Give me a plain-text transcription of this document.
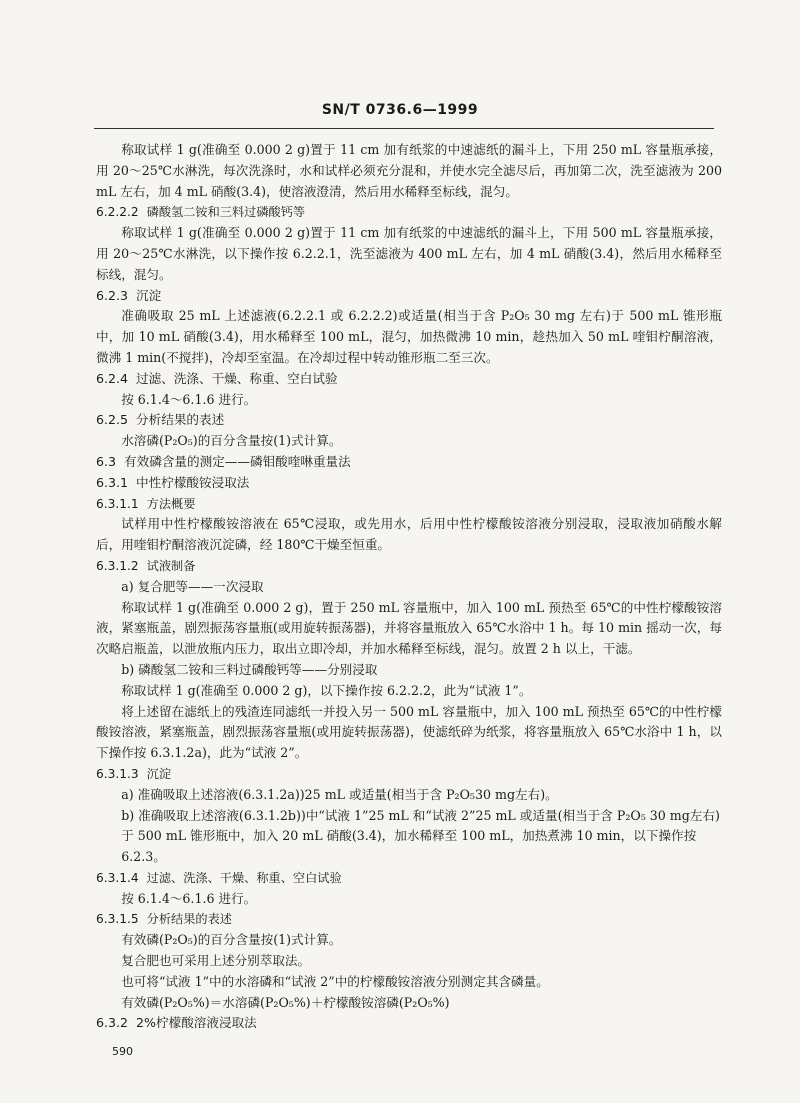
SN/T 0736.6—1999

称取试样 1 g(准确至 0.000 2 g)置于 11 cm 加有纸浆的中速滤纸的漏斗上，下用 250 mL 容量瓶承接，用 20～25℃水淋洗，每次洗涤时，水和试样必须充分混和，并使水完全滤尽后，再加第二次，洗至滤液为 200 mL 左右，加 4 mL 硝酸(3.4)，使溶液澄清，然后用水稀释至标线，混匀。

6.2.2.2 磷酸氢二铵和三料过磷酸钙等

称取试样 1 g(准确至 0.000 2 g)置于 11 cm 加有纸浆的中速滤纸的漏斗上，下用 500 mL 容量瓶承接，用 20～25℃水淋洗，以下操作按 6.2.2.1，洗至滤液为 400 mL 左右，加 4 mL 硝酸(3.4)，然后用水稀释至标线，混匀。

6.2.3 沉淀

准确吸取 25 mL 上述滤液(6.2.2.1 或 6.2.2.2)或适量(相当于含 P₂O₅ 30 mg 左右)于 500 mL 锥形瓶中，加 10 mL 硝酸(3.4)，用水稀释至 100 mL，混匀，加热微沸 10 min，趁热加入 50 mL 喹钼柠酮溶液，微沸 1 min(不搅拌)，冷却至室温。在冷却过程中转动锥形瓶二至三次。

6.2.4 过滤、洗涤、干燥、称重、空白试验

按 6.1.4～6.1.6 进行。

6.2.5 分析结果的表述

水溶磷(P₂O₅)的百分含量按(1)式计算。

6.3 有效磷含量的测定——磷钼酸喹啉重量法

6.3.1 中性柠檬酸铵浸取法

6.3.1.1 方法概要

试样用中性柠檬酸铵溶液在 65℃浸取，或先用水，后用中性柠檬酸铵溶液分别浸取，浸取液加硝酸水解后，用喹钼柠酮溶液沉淀磷，经 180℃干燥至恒重。

6.3.1.2 试液制备

a) 复合肥等——一次浸取

称取试样 1 g(准确至 0.000 2 g)，置于 250 mL 容量瓶中，加入 100 mL 预热至 65℃的中性柠檬酸铵溶液，紧塞瓶盖，剧烈振荡容量瓶(或用旋转振荡器)，并将容量瓶放入 65℃水浴中 1 h。每 10 min 摇动一次，每次略启瓶盖，以泄放瓶内压力，取出立即冷却，并加水稀释至标线，混匀。放置 2 h 以上，干滤。

b) 磷酸氢二铵和三料过磷酸钙等——分别浸取

称取试样 1 g(准确至 0.000 2 g)，以下操作按 6.2.2.2，此为“试液 1”。

将上述留在滤纸上的残渣连同滤纸一并投入另一 500 mL 容量瓶中，加入 100 mL 预热至 65℃的中性柠檬酸铵溶液，紧塞瓶盖，剧烈振荡容量瓶(或用旋转振荡器)，使滤纸碎为纸浆，将容量瓶放入 65℃水浴中 1 h，以下操作按 6.3.1.2a)，此为“试液 2”。

6.3.1.3 沉淀

a) 准确吸取上述溶液(6.3.1.2a))25 mL 或适量(相当于含 P₂O₅30 mg左右)。

b) 准确吸取上述溶液(6.3.1.2b))中“试液 1”25 mL 和“试液 2”25 mL 或适量(相当于含 P₂O₅ 30 mg左右)于 500 mL 锥形瓶中，加入 20 mL 硝酸(3.4)，加水稀释至 100 mL，加热煮沸 10 min，以下操作按 6.2.3。

6.3.1.4 过滤、洗涤、干燥、称重、空白试验

按 6.1.4～6.1.6 进行。

6.3.1.5 分析结果的表述

有效磷(P₂O₅)的百分含量按(1)式计算。

复合肥也可采用上述分别萃取法。

也可将“试液 1”中的水溶磷和“试液 2”中的柠檬酸铵溶液分别测定其含磷量。

有效磷(P₂O₅%)＝水溶磷(P₂O₅%)＋柠檬酸铵溶磷(P₂O₅%)

6.3.2 2%柠檬酸溶液浸取法

590
